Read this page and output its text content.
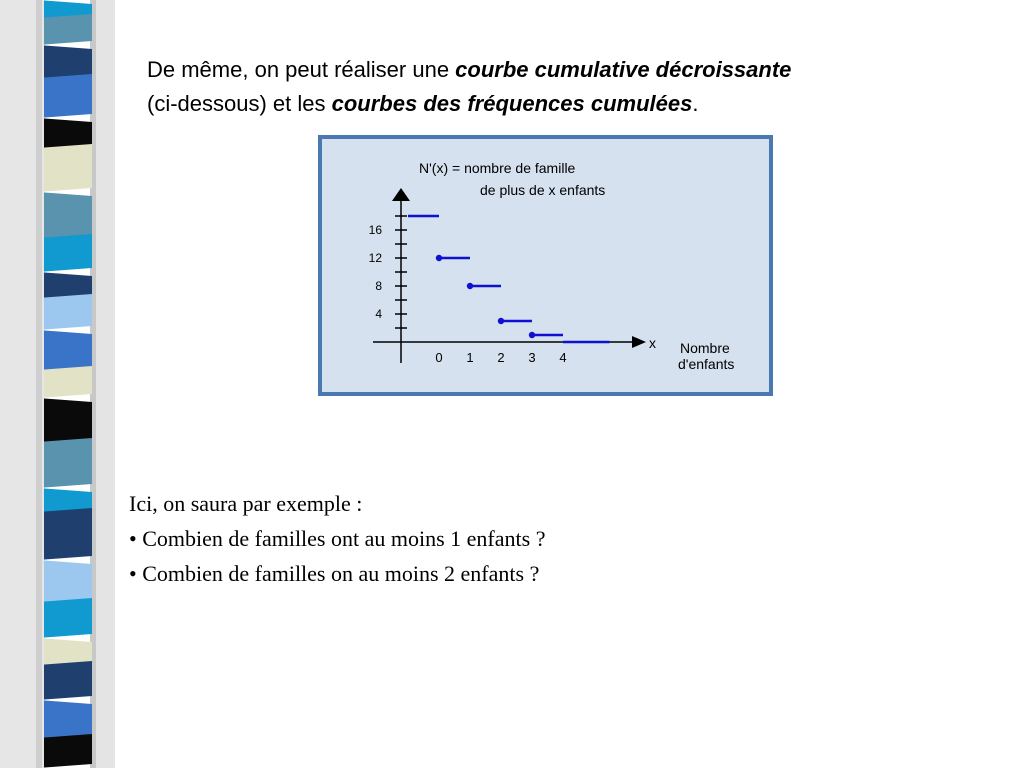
De même, on peut réaliser une courbe cumulative décroissante
(ci-dessous) et les courbes des fréquences cumulées.
N'(x) = nombre de famille
de plus de x enfants
x Nombre
d'enfants
16
12
8
4
0 1 2 3 4
Ici, on saura par exemple :
• Combien de familles ont au moins 1 enfants ?
• Combien de familles on au moins 2 enfants ?
